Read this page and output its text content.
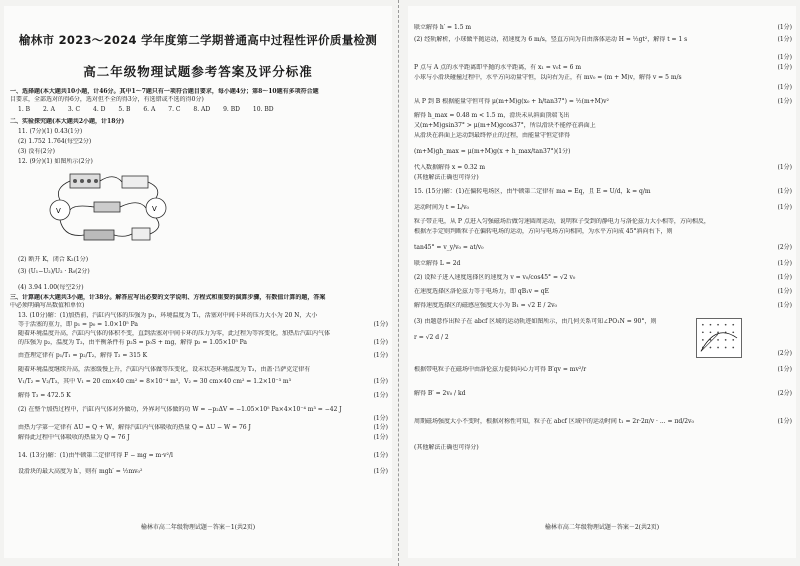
榆林市 2023～2024 学年度第二学期普通高中过程性评价质量检测
高二年级物理试题参考答案及评分标准
一、选择题(本大题共10小题，计46分。其中1～7题只有一项符合题目要求，每小题4分；第8～10题有多项符合题
目要求，全部选对的得6分，选对但不全的得3分，有选错或不选的得0分)
1. B 2. A 3. C 4. D 5. B 6. A 7. C 8. AD 9. BD 10. BD
二、实验探究题(本大题共2小题，计18分)
11. (7分)(1) 0.43(1分)
(2) 1.752 1.764(每空2分)
(3) 没有(2分)
12. (9分)(1) 如图所示(2分)
V	V
(2) 断开 K，闭合 K₂(1分)
(3) (U₁−U₂)/U₂ · R₀(2分)
(4) 3.94 1.00(每空2分)
三、计算题(本大题共3小题，计38分。解答应写出必要的文字说明、方程式和重要的演算步骤，有数值计算的题，答案
中必须明确写出数值和单位)
13. (10分)解：(1)加热前，汽缸内气体的压强为 p₁，环境温度为 T₁，活塞对中间卡环的压力大小为 20 N，大小
等于活塞的重力，即 p₁ = p₀ = 1.0×10⁵ Pa	(1分)
随着环境温度升高，汽缸内气体的体积不变，直到活塞对中间卡环的压力为零，此过程为等容变化，加热后汽缸内气体
的压强为 p₂，温度为 T₂，由平衡条件有 p₂S = p₀S + mg，解得 p₂ = 1.05×10⁵ Pa	(1分)
由查理定律有 p₁/T₁ = p₂/T₂，解得 T₂ = 315 K	(1分)
随着环境温度继续升高，活塞缓慢上升，汽缸内气体做等压变化，设末状态环境温度为 T₃，由盖·吕萨克定律有
V₁/T₂ = V₂/T₃，其中 V₁ = 20 cm×40 cm² = 8×10⁻⁴ m³，V₂ = 30 cm×40 cm² = 1.2×10⁻³ m³	(1分)
解得 T₃ = 472.5 K	(1分)
(2) 在整个加热过程中，汽缸内气体对外做功，外界对气体做的功 W = −p₂ΔV = −1.05×10⁵ Pa×4×10⁻⁴ m³ = −42 J
(1分)
由热力学第一定律有 ΔU = Q + W，解得汽缸内气体吸收的热量 Q = ΔU − W = 76 J	(1分)
解得此过程中气体吸收的热量为 Q = 76 J	(1分)
14. (13分)解：(1)由牛顿第二定律可得 F − mg = m·v²/l	(1分)
设滑块的最大高度为 h′，则有 mgh′ = ½mv₀²	(1分)
榆林市高二年级物理试题－答案－1(共2页)
联立解得 h′ = 1.5 m	(1分)
(2) 经轨解析，小球做平抛运动，初速度为 6 m/s，竖直方向为自由落体运动 H = ½gt²，解得 t = 1 s	(1分)
(1分)
P 点与 A 点的水平距离即平抛的水平距离，有 x₁ = v₀t = 6 m	(1分)
小球与小滑块碰撞过程中，水平方向动量守恒，以向右为正，有 mv₀ = (m + M)v，解得 v = 5 m/s
(1分)
从 P 到 B 根据能量守恒可得 μ(m+M)g(x₀ + h/tan37°) = ½(m+M)v²	(1分)
解得 h_max = 0.48 m < 1.5 m，滑块未从斜面顶端飞出
又(m+M)gsin37° > μ(m+M)gcos37°，所以滑块不能停在斜面上
从滑块在斜面上运动到最终停止的过程，由能量守恒定律得
(m+M)gh_max = μ(m+M)g(x + h_max/tan37°)(1分)
代入数据解得 x = 0.32 m	(1分)
(其他解法正确也可得分)
15. (15分)解：(1)在偏转电场区，由牛顿第二定律有 ma = Eq，且 E = U/d，k = q/m	(1分)
运动时间为 t = L/v₀	(1分)
粒子带正电，从 P 点进入匀强磁场后做匀速圆周运动，说明粒子受到的静电力与洛伦兹力大小相等，方向相反，
根据左手定则判断粒子在偏转电场的运动，方向与电场方向相同，为水平方向成 45°斜向右下，则
tan45° = v_y/v₀ = at/v₀	(2分)
联立解得 L = 2d	(1分)
(2) 设粒子进入速度选择区的速度为 v = v₀/cos45° = √2 v₀	(1分)
在速度选择区洛伦兹力等于电场力，即 qB₁v = qE	(1分)
解得速度选择区的磁感应强度大小为 B₁ = √2 E / 2v₀	(1分)
(3) 由题意作出粒子在 abcf 区域的运动轨迹如图所示，由几何关系可知∠PO₁N = 90°，则
r = √2 d / 2
(2分)
根据带电粒子在磁场中由洛伦兹力提供向心力可得 B′qv = mv²/r	(1分)
解得 B′ = 2v₀ / kd	(2分)
周期磁场强度大小不变时，根据对称性可知，粒子在 abcf 区域中的运动时间 t₁ = 2r·2π/v · ... = πd/2v₀	(1分)
(其他解法正确也可得分)
榆林市高二年级物理试题－答案－2(共2页)
